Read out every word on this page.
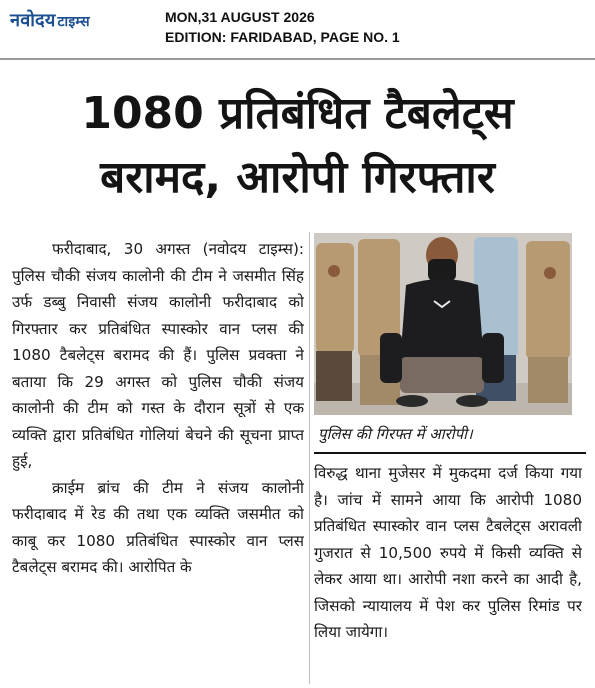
नवोदय टाइम्स	MON,31 AUGUST 2026
EDITION: FARIDABAD, PAGE NO. 1
1080 प्रतिबंधित टैबलेट्स
बरामद, आरोपी गिरफ्तार

फरीदाबाद, 30 अगस्त (नवोदय टाइम्स): पुलिस चौकी संजय कालोनी की टीम ने जसमीत सिंह उर्फ डब्बु निवासी संजय कालोनी फरीदाबाद को गिरफ्तार कर प्रतिबंधित स्पास्कोर वान प्लस की 1080 टैबलेट्स बरामद की हैं। पुलिस प्रवक्ता ने बताया कि 29 अगस्त को पुलिस चौकी संजय कालोनी की टीम को गस्त के दौरान सूत्रों से एक व्यक्ति द्वारा प्रतिबंधित गोलियां बेचने की सूचना प्राप्त हुई,

क्राईम ब्रांच की टीम ने संजय कालोनी फरीदाबाद में रेड की तथा एक व्यक्ति जसमीत को काबू कर 1080 प्रतिबंधित स्पास्कोर वान प्लस टैबलेट्स बरामद की। आरोपित के

पुलिस की गिरफ्त में आरोपी।

विरुद्ध थाना मुजेसर में मुकदमा दर्ज किया गया है। जांच में सामने आया कि आरोपी 1080 प्रतिबंधित स्पास्कोर वान प्लस टैबलेट्स अरावली गुजरात से 10,500 रुपये में किसी व्यक्ति से लेकर आया था। आरोपी नशा करने का आदी है, जिसको न्यायालय में पेश कर पुलिस रिमांड पर लिया जायेगा।
